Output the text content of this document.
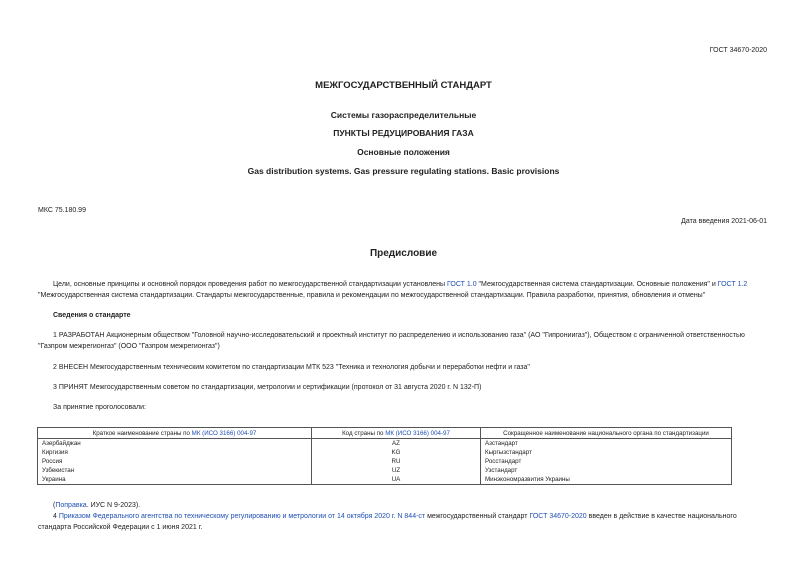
ГОСТ 34670-2020
МЕЖГОСУДАРСТВЕННЫЙ СТАНДАРТ
Системы газораспределительные
ПУНКТЫ РЕДУЦИРОВАНИЯ ГАЗА
Основные положения
Gas distribution systems. Gas pressure regulating stations. Basic provisions
МКС 75.180.99
Дата введения 2021-06-01
Предисловие
Цели, основные принципы и основной порядок проведения работ по межгосударственной стандартизации установлены ГОСТ 1.0 "Межгосударственная система стандартизации. Основные положения" и ГОСТ 1.2 "Межгосударственная система стандартизации. Стандарты межгосударственные, правила и рекомендации по межгосударственной стандартизации. Правила разработки, принятия, обновления и отмены"
Сведения о стандарте
1 РАЗРАБОТАН Акционерным обществом "Головной научно-исследовательский и проектный институт по распределению и использованию газа" (АО "Гипрониигаз"), Обществом с ограниченной ответственностью "Газпром межрегионгаз" (ООО "Газпром межрегионгаз")
2 ВНЕСЕН Межгосударственным техническим комитетом по стандартизации МТК 523 "Техника и технология добычи и переработки нефти и газа"
3 ПРИНЯТ Межгосударственным советом по стандартизации, метрологии и сертификации (протокол от 31 августа 2020 г. N 132-П)
За принятие проголосовали:
Краткое наименование страны по МК (ИСО 3166) 004-97	Код страны по МК (ИСО 3166) 004-97	Сокращенное наименование национального органа по стандартизации
Азербайджан	AZ	Азстандарт
Киргизия	KG	Кыргызстандарт
Россия	RU	Росстандарт
Узбекистан	UZ	Узстандарт
Украина	UA	Минэкономразвития Украины
(Поправка. ИУС N 9-2023).
4 Приказом Федерального агентства по техническому регулированию и метрологии от 14 октября 2020 г. N 844-ст межгосударственный стандарт ГОСТ 34670-2020 введен в действие в качестве национального стандарта Российской Федерации с 1 июня 2021 г.
